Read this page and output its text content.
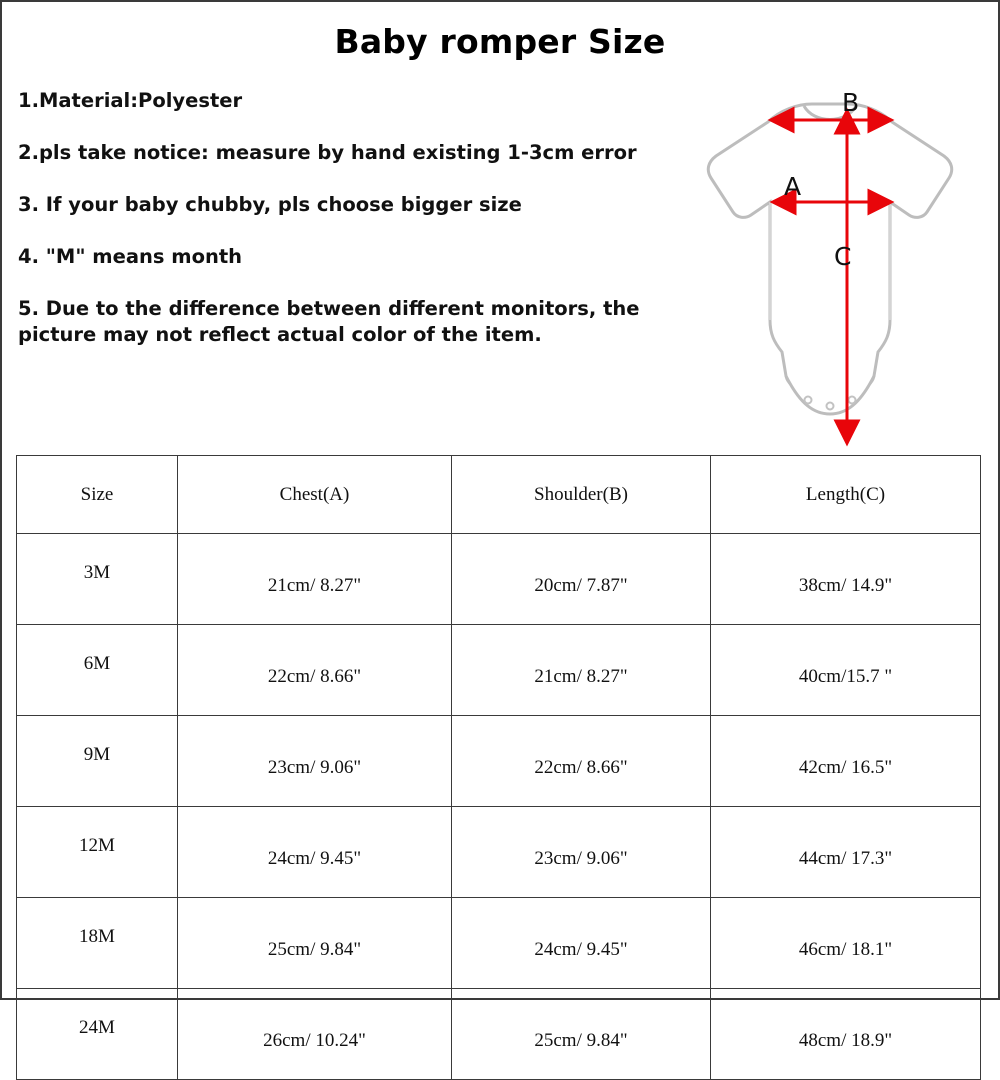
Baby romper Size
1.Material:Polyester
2.pls take notice: measure by hand existing 1-3cm error
3. If your baby chubby, pls choose bigger size
4. "M" means month
5. Due to the difference between different monitors, the picture may not reflect actual color of the item.
A
B
C
Size	Chest(A)	Shoulder(B)	Length(C)
3M	21cm/ 8.27"	20cm/ 7.87"	38cm/ 14.9"
6M	22cm/ 8.66"	21cm/ 8.27"	40cm/15.7 "
9M	23cm/ 9.06"	22cm/ 8.66"	42cm/ 16.5"
12M	24cm/ 9.45"	23cm/ 9.06"	44cm/ 17.3"
18M	25cm/ 9.84"	24cm/ 9.45"	46cm/ 18.1"
24M	26cm/ 10.24"	25cm/ 9.84"	48cm/ 18.9"
